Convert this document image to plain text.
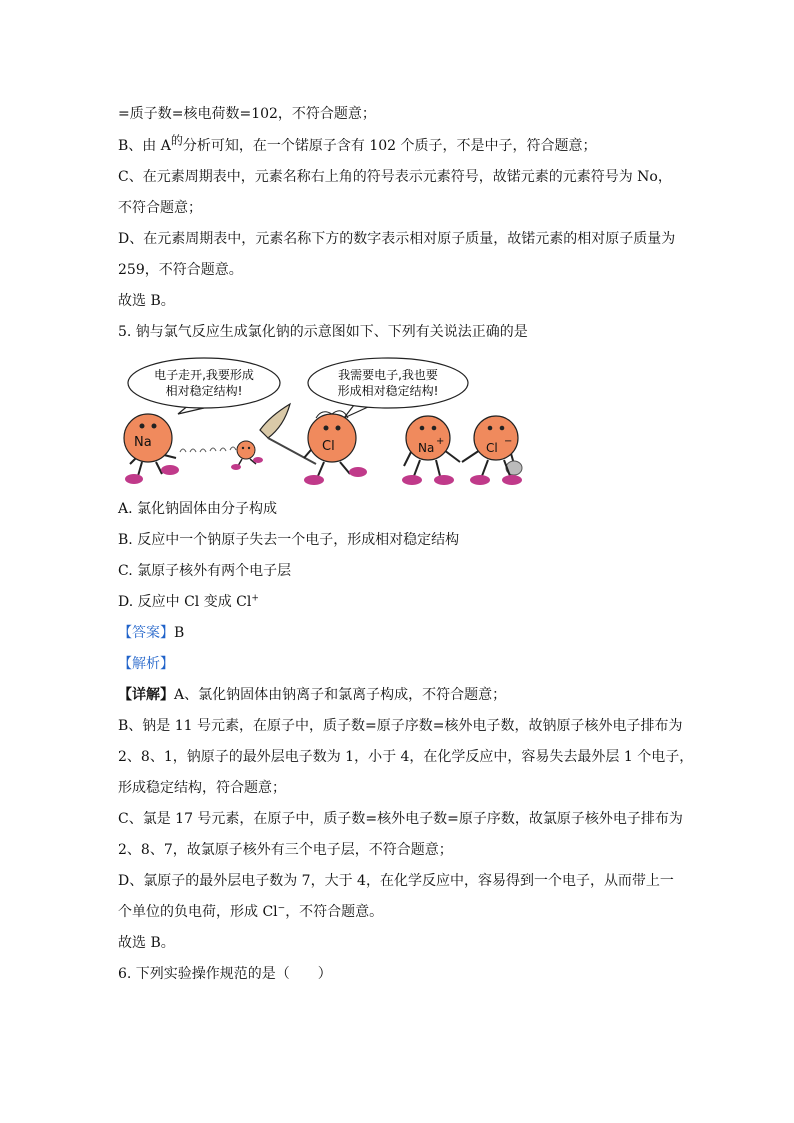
=质子数=核电荷数=102，不符合题意；
B、由 $A^的$分析可知，在一个锘原子含有 102 个质子，不是中子，符合题意；
C、在元素周期表中，元素名称右上角的符号表示元素符号，故锘元素的元素符号为 No，
不符合题意；
D、在元素周期表中，元素名称下方的数字表示相对原子质量，故锘元素的相对原子质量为
259，不符合题意。
故选 B。
5. 钠与氯气反应生成氯化钠的示意图如下、下列有关说法正确的是
电子走开,我要形成
相对稳定结构!
我需要电子,我也要
形成相对稳定结构!
Na	Cl	Na +	Cl −
A. 氯化钠固体由分子构成
B. 反应中一个钠原子失去一个电子，形成相对稳定结构
C. 氯原子核外有两个电子层
D. 反应中 Cl 变成 Cl+
【答案】B
【解析】
【详解】A、氯化钠固体由钠离子和氯离子构成，不符合题意；
B、钠是 11 号元素，在原子中，质子数=原子序数=核外电子数，故钠原子核外电子排布为
2、8、1，钠原子的最外层电子数为 1，小于 4，在化学反应中，容易失去最外层 1 个电子，
形成稳定结构，符合题意；
C、氯是 17 号元素，在原子中，质子数=核外电子数=原子序数，故氯原子核外电子排布为
2、8、7，故氯原子核外有三个电子层，不符合题意；
D、氯原子的最外层电子数为 7，大于 4，在化学反应中，容易得到一个电子，从而带上一
个单位的负电荷，形成 Cl−，不符合题意。
故选 B。
6. 下列实验操作规范的是（　　）
